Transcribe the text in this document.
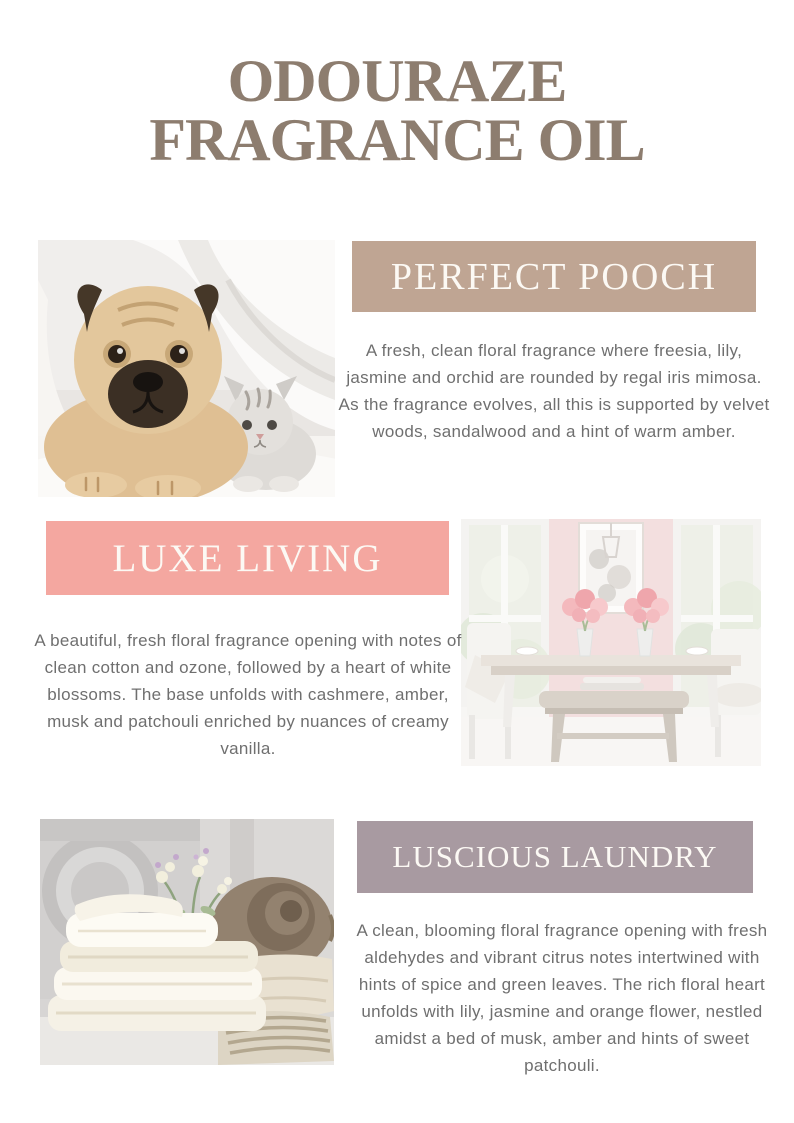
ODOURAZE
FRAGRANCE OIL
PERFECT POOCH

A fresh, clean floral fragrance where freesia, lily, jasmine and orchid are rounded by regal iris mimosa. As the fragrance evolves, all this is supported by velvet woods, sandalwood and a hint of warm amber.

LUXE LIVING

A beautiful, fresh floral fragrance opening with notes of clean cotton and ozone, followed by a heart of white blossoms. The base unfolds with cashmere, amber, musk and patchouli enriched by nuances of creamy vanilla.

LUSCIOUS LAUNDRY

A clean, blooming floral fragrance opening with fresh aldehydes and vibrant citrus notes intertwined with hints of spice and green leaves. The rich floral heart unfolds with lily, jasmine and orange flower, nestled amidst a bed of musk, amber and hints of sweet patchouli.
